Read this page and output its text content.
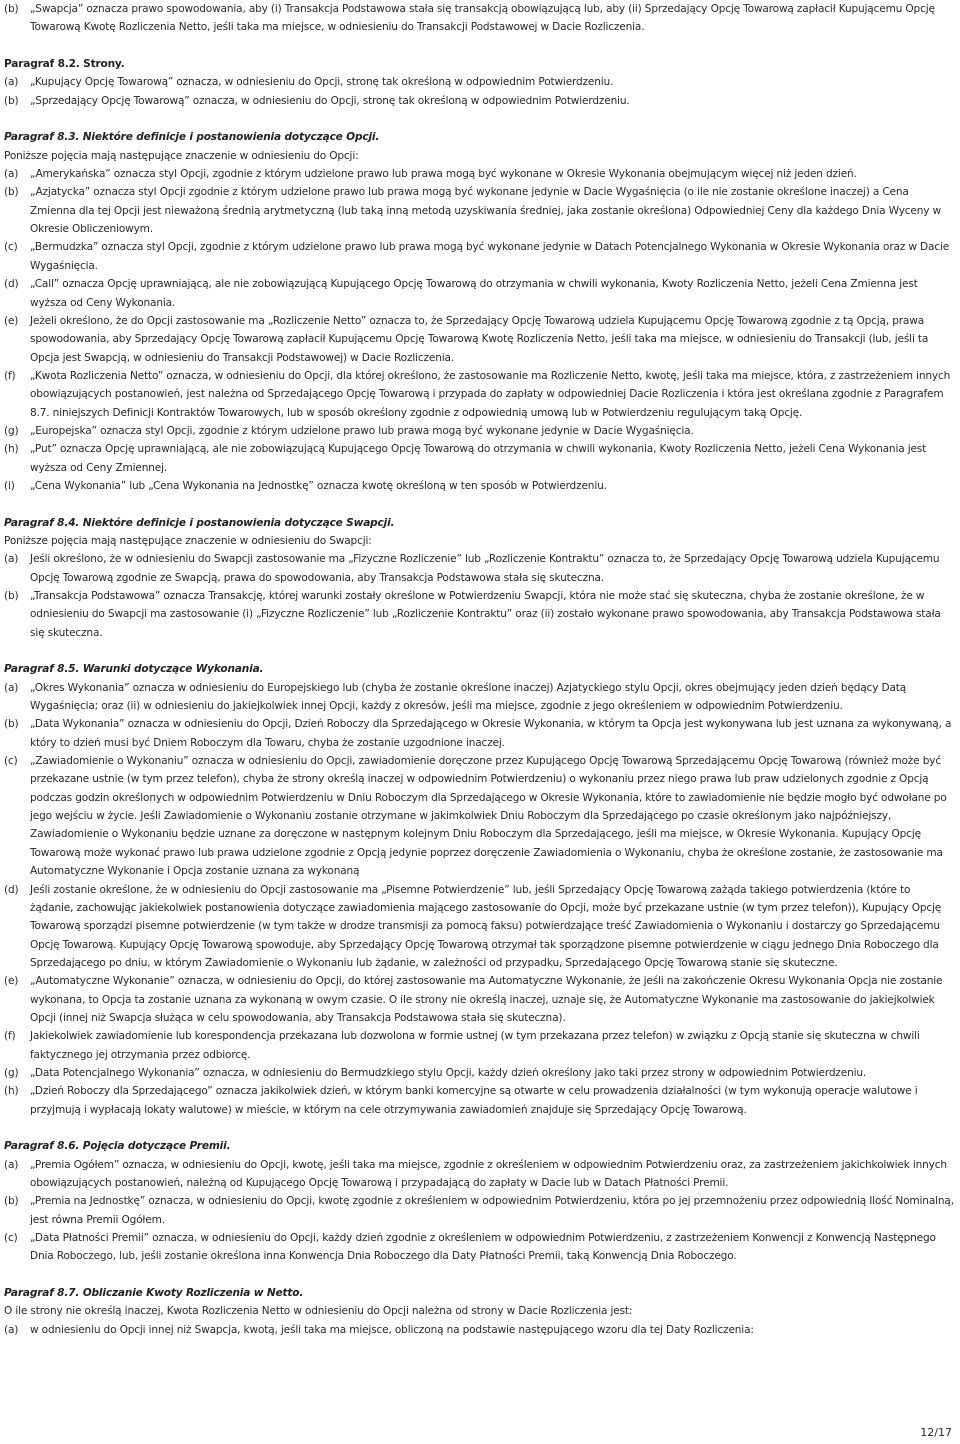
(b)	„Swapcja” oznacza prawo spowodowania, aby (i) Transakcja Podstawowa stała się transakcją obowiązującą lub, aby (ii) Sprzedający Opcję Towarową zapłacił Kupującemu Opcję Towarową Kwotę Rozliczenia Netto, jeśli taka ma miejsce, w odniesieniu do Transakcji Podstawowej w Dacie Rozliczenia.
Paragraf 8.2. Strony.
(a)	„Kupujący Opcję Towarową” oznacza, w odniesieniu do Opcji, stronę tak określoną w odpowiednim Potwierdzeniu.
(b)	„Sprzedający Opcję Towarową” oznacza, w odniesieniu do Opcji, stronę tak określoną w odpowiednim Potwierdzeniu.
Paragraf 8.3. Niektóre definicje i postanowienia dotyczące Opcji.
Poniższe pojęcia mają następujące znaczenie w odniesieniu do Opcji:
(a)	„Amerykańska” oznacza styl Opcji, zgodnie z którym udzielone prawo lub prawa mogą być wykonane w Okresie Wykonania obejmującym więcej niż jeden dzień.
(b)	„Azjatycka” oznacza styl Opcji zgodnie z którym udzielone prawo lub prawa mogą być wykonane jedynie w Dacie Wygaśnięcia (o ile nie zostanie określone inaczej) a Cena Zmienna dla tej Opcji jest nieważoną średnią arytmetyczną (lub taką inną metodą uzyskiwania średniej, jaka zostanie określona) Odpowiedniej Ceny dla każdego Dnia Wyceny w Okresie Obliczeniowym.
(c)	„Bermudzka” oznacza styl Opcji, zgodnie z którym udzielone prawo lub prawa mogą być wykonane jedynie w Datach Potencjalnego Wykonania w Okresie Wykonania oraz w Dacie Wygaśnięcia.
(d)	„Call” oznacza Opcję uprawniającą, ale nie zobowiązującą Kupującego Opcję Towarową do otrzymania w chwili wykonania, Kwoty Rozliczenia Netto, jeżeli Cena Zmienna jest wyższa od Ceny Wykonania.
(e)	Jeżeli określono, że do Opcji zastosowanie ma „Rozliczenie Netto” oznacza to, że Sprzedający Opcję Towarową udziela Kupującemu Opcję Towarową zgodnie z tą Opcją, prawa spowodowania, aby Sprzedający Opcję Towarową zapłacił Kupującemu Opcję Towarową Kwotę Rozliczenia Netto, jeśli taka ma miejsce, w odniesieniu do Transakcji (lub, jeśli ta Opcja jest Swapcją, w odniesieniu do Transakcji Podstawowej) w Dacie Rozliczenia.
(f)	„Kwota Rozliczenia Netto” oznacza, w odniesieniu do Opcji, dla której określono, że zastosowanie ma Rozliczenie Netto, kwotę, jeśli taka ma miejsce, która, z zastrzeżeniem innych obowiązujących postanowień, jest należna od Sprzedającego Opcję Towarową i przypada do zapłaty w odpowiedniej Dacie Rozliczenia i która jest określana zgodnie z Paragrafem 8.7. niniejszych Definicji Kontraktów Towarowych, lub w sposób określony zgodnie z odpowiednią umową lub w Potwierdzeniu regulującym taką Opcję.
(g)	„Europejska” oznacza styl Opcji, zgodnie z którym udzielone prawo lub prawa mogą być wykonane jedynie w Dacie Wygaśnięcia.
(h)	„Put” oznacza Opcję uprawniającą, ale nie zobowiązującą Kupującego Opcję Towarową do otrzymania w chwili wykonania, Kwoty Rozliczenia Netto, jeżeli Cena Wykonania jest wyższa od Ceny Zmiennej.
(i)	„Cena Wykonania” lub „Cena Wykonania na Jednostkę” oznacza kwotę określoną w ten sposób w Potwierdzeniu.
Paragraf 8.4. Niektóre definicje i postanowienia dotyczące Swapcji.
Poniższe pojęcia mają następujące znaczenie w odniesieniu do Swapcji:
(a)	Jeśli określono, że w odniesieniu do Swapcji zastosowanie ma „Fizyczne Rozliczenie” lub „Rozliczenie Kontraktu” oznacza to, że Sprzedający Opcję Towarową udziela Kupującemu Opcję Towarową zgodnie ze Swapcją, prawa do spowodowania, aby Transakcja Podstawowa stała się skuteczna.
(b)	„Transakcja Podstawowa” oznacza Transakcję, której warunki zostały określone w Potwierdzeniu Swapcji, która nie może stać się skuteczna, chyba że zostanie określone, że w odniesieniu do Swapcji ma zastosowanie (i) „Fizyczne Rozliczenie” lub „Rozliczenie Kontraktu” oraz (ii) zostało wykonane prawo spowodowania, aby Transakcja Podstawowa stała się skuteczna.
Paragraf 8.5. Warunki dotyczące Wykonania.
(a)	„Okres Wykonania” oznacza w odniesieniu do Europejskiego lub (chyba że zostanie określone inaczej) Azjatyckiego stylu Opcji, okres obejmujący jeden dzień będący Datą Wygaśnięcia; oraz (ii) w odniesieniu do jakiejkolwiek innej Opcji, każdy z okresów, jeśli ma miejsce, zgodnie z jego określeniem w odpowiednim Potwierdzeniu.
(b)	„Data Wykonania” oznacza w odniesieniu do Opcji, Dzień Roboczy dla Sprzedającego w Okresie Wykonania, w którym ta Opcja jest wykonywana lub jest uznana za wykonywaną, a który to dzień musi być Dniem Roboczym dla Towaru, chyba że zostanie uzgodnione inaczej.
(c)	„Zawiadomienie o Wykonaniu” oznacza w odniesieniu do Opcji, zawiadomienie doręczone przez Kupującego Opcję Towarową Sprzedającemu Opcję Towarową (również może być przekazane ustnie (w tym przez telefon), chyba że strony określą inaczej w odpowiednim Potwierdzeniu) o wykonaniu przez niego prawa lub praw udzielonych zgodnie z Opcją podczas godzin określonych w odpowiednim Potwierdzeniu w Dniu Roboczym dla Sprzedającego w Okresie Wykonania, które to zawiadomienie nie będzie mogło być odwołane po jego wejściu w życie. Jeśli Zawiadomienie o Wykonaniu zostanie otrzymane w jakimkolwiek Dniu Roboczym dla Sprzedającego po czasie określonym jako najpóźniejszy, Zawiadomienie o Wykonaniu będzie uznane za doręczone w następnym kolejnym Dniu Roboczym dla Sprzedającego, jeśli ma miejsce, w Okresie Wykonania. Kupujący Opcję Towarową może wykonać prawo lub prawa udzielone zgodnie z Opcją jedynie poprzez doręczenie Zawiadomienia o Wykonaniu, chyba że określone zostanie, że zastosowanie ma Automatyczne Wykonanie i Opcja zostanie uznana za wykonaną
(d)	Jeśli zostanie określone, że w odniesieniu do Opcji zastosowanie ma „Pisemne Potwierdzenie” lub, jeśli Sprzedający Opcję Towarową zażąda takiego potwierdzenia (które to żądanie, zachowując jakiekolwiek postanowienia dotyczące zawiadomienia mającego zastosowanie do Opcji, może być przekazane ustnie (w tym przez telefon)), Kupujący Opcję Towarową sporządzi pisemne potwierdzenie (w tym także w drodze transmisji za pomocą faksu) potwierdzające treść Zawiadomienia o Wykonaniu i dostarczy go Sprzedającemu Opcję Towarową. Kupujący Opcję Towarową spowoduje, aby Sprzedający Opcję Towarową otrzymał tak sporządzone pisemne potwierdzenie w ciągu jednego Dnia Roboczego dla Sprzedającego po dniu, w którym Zawiadomienie o Wykonaniu lub żądanie, w zależności od przypadku, Sprzedającego Opcję Towarową stanie się skuteczne.
(e)	„Automatyczne Wykonanie” oznacza, w odniesieniu do Opcji, do której zastosowanie ma Automatyczne Wykonanie, że jeśli na zakończenie Okresu Wykonania Opcja nie zostanie wykonana, to Opcja ta zostanie uznana za wykonaną w owym czasie. O ile strony nie określą inaczej, uznaje się, że Automatyczne Wykonanie ma zastosowanie do jakiejkolwiek Opcji (innej niż Swapcja służąca w celu spowodowania, aby Transakcja Podstawowa stała się skuteczna).
(f)	Jakiekolwiek zawiadomienie lub korespondencja przekazana lub dozwolona w formie ustnej (w tym przekazana przez telefon) w związku z Opcją stanie się skuteczna w chwili faktycznego jej otrzymania przez odbiorcę.
(g)	„Data Potencjalnego Wykonania” oznacza, w odniesieniu do Bermudzkiego stylu Opcji, każdy dzień określony jako taki przez strony w odpowiednim Potwierdzeniu.
(h)	„Dzień Roboczy dla Sprzedającego” oznacza jakikolwiek dzień, w którym banki komercyjne są otwarte w celu prowadzenia działalności (w tym wykonują operacje walutowe i przyjmują i wypłacają lokaty walutowe) w mieście, w którym na cele otrzymywania zawiadomień znajduje się Sprzedający Opcję Towarową.
Paragraf 8.6. Pojęcia dotyczące Premii.
(a)	„Premia Ogółem” oznacza, w odniesieniu do Opcji, kwotę, jeśli taka ma miejsce, zgodnie z określeniem w odpowiednim Potwierdzeniu oraz, za zastrzeżeniem jakichkolwiek innych obowiązujących postanowień, należną od Kupującego Opcję Towarową i przypadającą do zapłaty w Dacie lub w Datach Płatności Premii.
(b)	„Premia na Jednostkę” oznacza, w odniesieniu do Opcji, kwotę zgodnie z określeniem w odpowiednim Potwierdzeniu, która po jej przemnożeniu przez odpowiednią Ilość Nominalną, jest równa Premii Ogółem.
(c)	„Data Płatności Premii” oznacza, w odniesieniu do Opcji, każdy dzień zgodnie z określeniem w odpowiednim Potwierdzeniu, z zastrzeżeniem Konwencji z Konwencją Następnego Dnia Roboczego, lub, jeśli zostanie określona inna Konwencja Dnia Roboczego dla Daty Płatności Premii, taką Konwencją Dnia Roboczego.
Paragraf 8.7. Obliczanie Kwoty Rozliczenia w Netto.
O ile strony nie określą inaczej, Kwota Rozliczenia Netto w odniesieniu do Opcji należna od strony w Dacie Rozliczenia jest:
(a)	w odniesieniu do Opcji innej niż Swapcja, kwotą, jeśli taka ma miejsce, obliczoną na podstawie następującego wzoru dla tej Daty Rozliczenia:
12/17
